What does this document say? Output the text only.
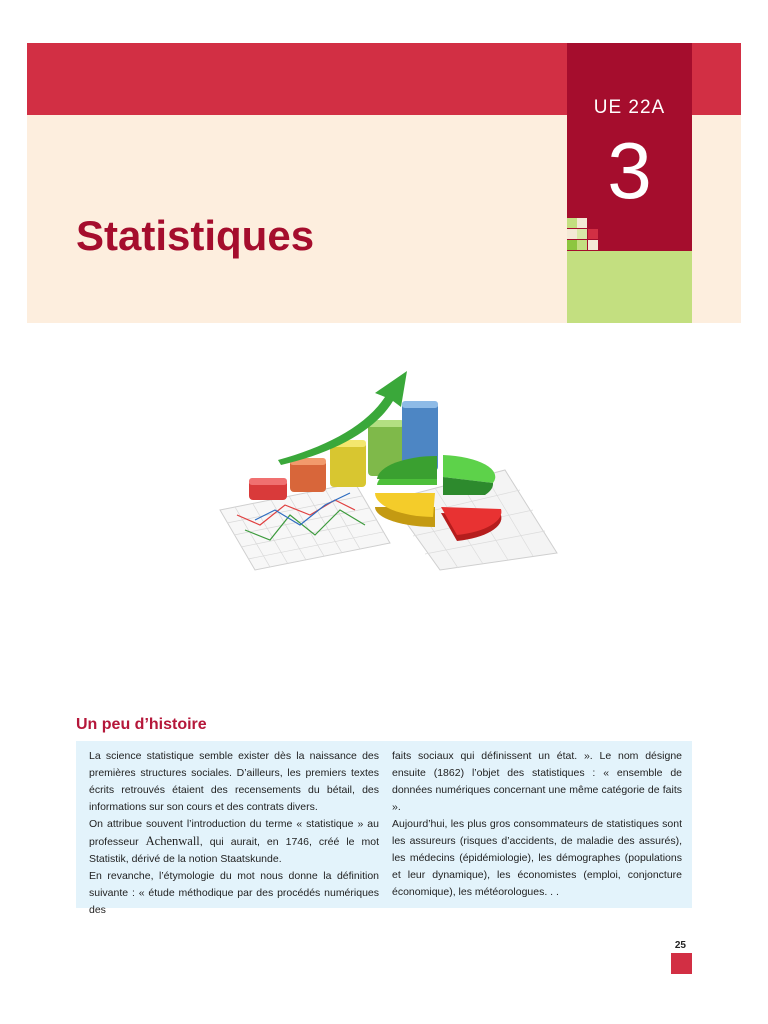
UE 22A
3
Statistiques
Un peu d’histoire

La science statistique semble exister dès la naissance des premières structures sociales. D’ailleurs, les premiers textes écrits retrouvés étaient des recensements du bétail, des informations sur son cours et des contrats divers.

On attribue souvent l’introduction du terme « statistique » au professeur Achenwall, qui aurait, en 1746, créé le mot Statistik, dérivé de la notion Staatskunde.

En revanche, l’étymologie du mot nous donne la définition suivante : « étude méthodique par des procédés numériques des

faits sociaux qui définissent un état. ». Le nom désigne ensuite (1862) l’objet des statistiques : « ensemble de données numériques concernant une même catégorie de faits ».

Aujourd’hui, les plus gros consommateurs de statistiques sont les assureurs (risques d’accidents, de maladie des assurés), les médecins (épidémiologie), les démographes (populations et leur dynamique), les économistes (emploi, conjoncture économique), les météorologues. . .

25
